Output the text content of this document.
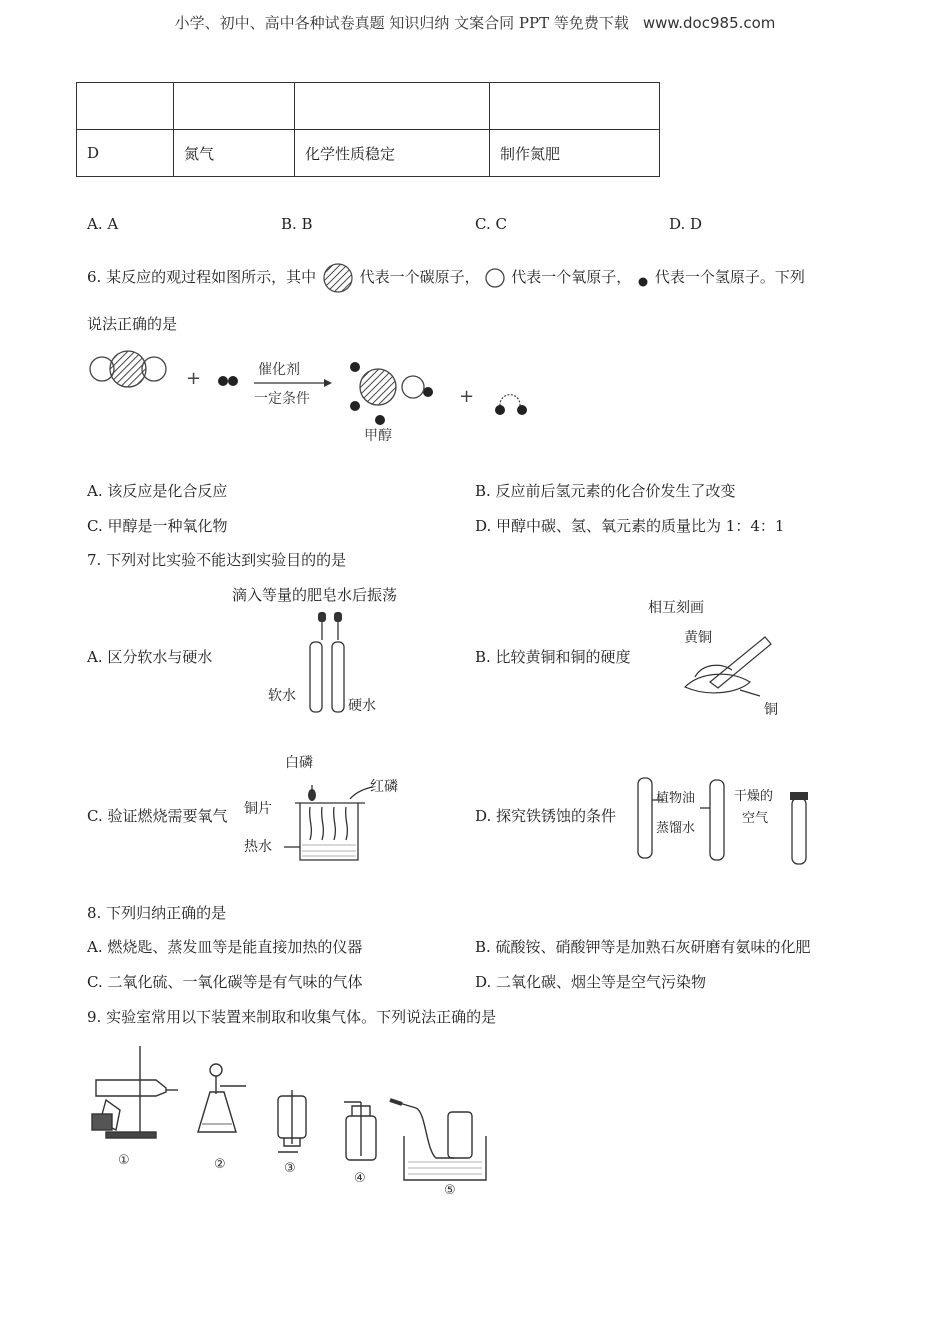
小学、初中、高中各种试卷真题 知识归纳 文案合同 PPT 等免费下载 www.doc985.com

D	氮气	化学性质稳定	制作氮肥
A. A	B. B	C. C	D. D
6. 某反应的观过程如图所示，其中	代表一个碳原子， 代表一个氧原子， 代表一个氢原子。下列
说法正确的是
+	催化剂
一定条件
甲醇
+
A. 该反应是化合反应	B. 反应前后氢元素的化合价发生了改变
C. 甲醇是一种氧化物	D. 甲醇中碳、氢、氧元素的质量比为 1：4：1
7. 下列对比实验不能达到实验目的的是
A. 区分软水与硬水
滴入等量的肥皂水后振荡
软水
硬水
B. 比较黄铜和铜的硬度
相互刻画
黄铜
铜
C. 验证燃烧需要氧气
白磷
红磷
铜片
热水
D. 探究铁锈蚀的条件
植物油
蒸馏水
干燥的
空气
8. 下列归纳正确的是
A. 燃烧匙、蒸发皿等是能直接加热的仪器	B. 硫酸铵、硝酸钾等是加熟石灰研磨有氨味的化肥
C. 二氧化硫、一氧化碳等是有气味的气体	D. 二氧化碳、烟尘等是空气污染物
9. 实验室常用以下装置来制取和收集气体。下列说法正确的是
①	②	③
④
⑤
